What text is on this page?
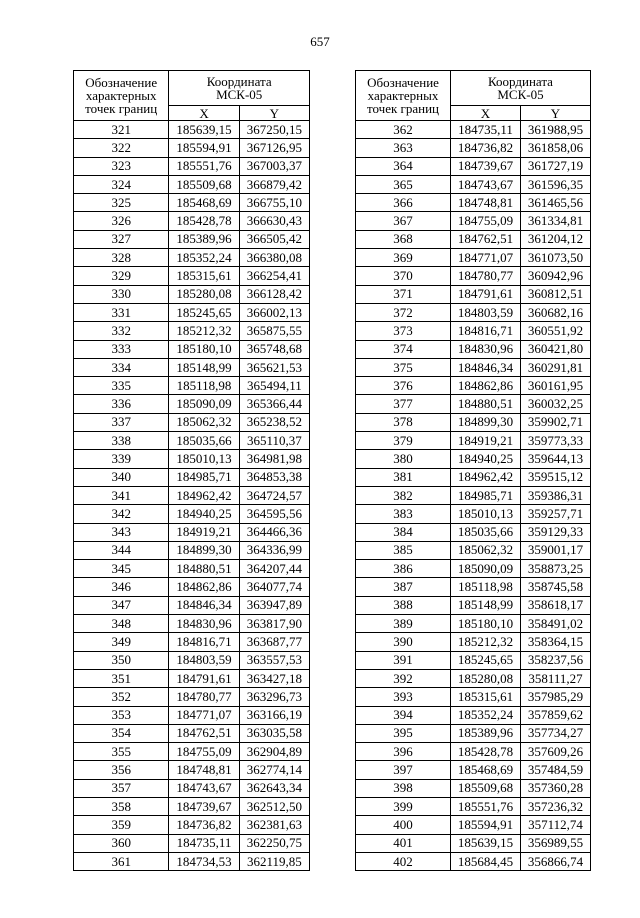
657
Обозначение
характерных
точек границ	Координата
МСК-05	
	X	Y
321	185639,15	367250,15
322	185594,91	367126,95
323	185551,76	367003,37
324	185509,68	366879,42
325	185468,69	366755,10
326	185428,78	366630,43
327	185389,96	366505,42
328	185352,24	366380,08
329	185315,61	366254,41
330	185280,08	366128,42
331	185245,65	366002,13
332	185212,32	365875,55
333	185180,10	365748,68
334	185148,99	365621,53
335	185118,98	365494,11
336	185090,09	365366,44
337	185062,32	365238,52
338	185035,66	365110,37
339	185010,13	364981,98
340	184985,71	364853,38
341	184962,42	364724,57
342	184940,25	364595,56
343	184919,21	364466,36
344	184899,30	364336,99
345	184880,51	364207,44
346	184862,86	364077,74
347	184846,34	363947,89
348	184830,96	363817,90
349	184816,71	363687,77
350	184803,59	363557,53
351	184791,61	363427,18
352	184780,77	363296,73
353	184771,07	363166,19
354	184762,51	363035,58
355	184755,09	362904,89
356	184748,81	362774,14
357	184743,67	362643,34
358	184739,67	362512,50
359	184736,82	362381,63
360	184735,11	362250,75
361	184734,53	362119,85
Обозначение
характерных
точек границ	Координата
МСК-05	
	X	Y
362	184735,11	361988,95
363	184736,82	361858,06
364	184739,67	361727,19
365	184743,67	361596,35
366	184748,81	361465,56
367	184755,09	361334,81
368	184762,51	361204,12
369	184771,07	361073,50
370	184780,77	360942,96
371	184791,61	360812,51
372	184803,59	360682,16
373	184816,71	360551,92
374	184830,96	360421,80
375	184846,34	360291,81
376	184862,86	360161,95
377	184880,51	360032,25
378	184899,30	359902,71
379	184919,21	359773,33
380	184940,25	359644,13
381	184962,42	359515,12
382	184985,71	359386,31
383	185010,13	359257,71
384	185035,66	359129,33
385	185062,32	359001,17
386	185090,09	358873,25
387	185118,98	358745,58
388	185148,99	358618,17
389	185180,10	358491,02
390	185212,32	358364,15
391	185245,65	358237,56
392	185280,08	358111,27
393	185315,61	357985,29
394	185352,24	357859,62
395	185389,96	357734,27
396	185428,78	357609,26
397	185468,69	357484,59
398	185509,68	357360,28
399	185551,76	357236,32
400	185594,91	357112,74
401	185639,15	356989,55
402	185684,45	356866,74
